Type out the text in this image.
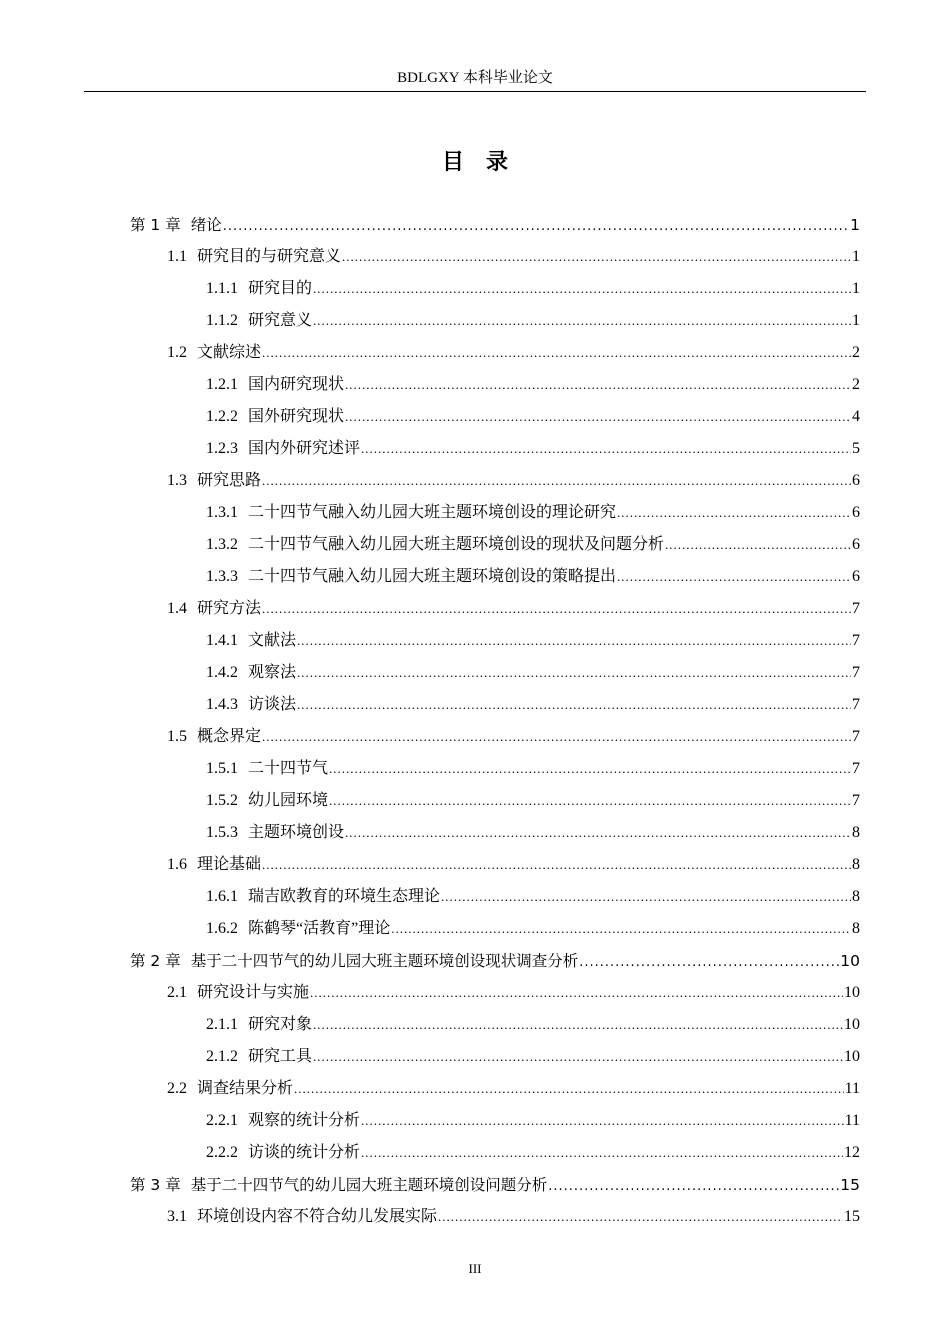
BDLGXY 本科毕业论文
目录
第 1 章 绪论 .....	1
1.1 研究目的与研究意义 .....	1
1.1.1 研究目的 .....	1
1.1.2 研究意义 .....	1
1.2 文献综述 .....	2
1.2.1 国内研究现状 .....	2
1.2.2 国外研究现状 .....	4
1.2.3 国内外研究述评 .....	5
1.3 研究思路 .....	6
1.3.1 二十四节气融入幼儿园大班主题环境创设的理论研究 .....	6
1.3.2 二十四节气融入幼儿园大班主题环境创设的现状及问题分析 .....	6
1.3.3 二十四节气融入幼儿园大班主题环境创设的策略提出 .....	6
1.4 研究方法 .....	7
1.4.1 文献法 .....	7
1.4.2 观察法 .....	7
1.4.3 访谈法 .....	7
1.5 概念界定 .....	7
1.5.1 二十四节气 .....	7
1.5.2 幼儿园环境 .....	7
1.5.3 主题环境创设 .....	8
1.6 理论基础 .....	8
1.6.1 瑞吉欧教育的环境生态理论 .....	8
1.6.2 陈鹤琴“活教育”理论 .....	8
第 2 章 基于二十四节气的幼儿园大班主题环境创设现状调查分析 .....	10
2.1 研究设计与实施 .....	10
2.1.1 研究对象 .....	10
2.1.2 研究工具 .....	10
2.2 调查结果分析 .....	11
2.2.1 观察的统计分析 .....	11
2.2.2 访谈的统计分析 .....	12
第 3 章 基于二十四节气的幼儿园大班主题环境创设问题分析 .....	15
3.1 环境创设内容不符合幼儿发展实际 .....	15
III
